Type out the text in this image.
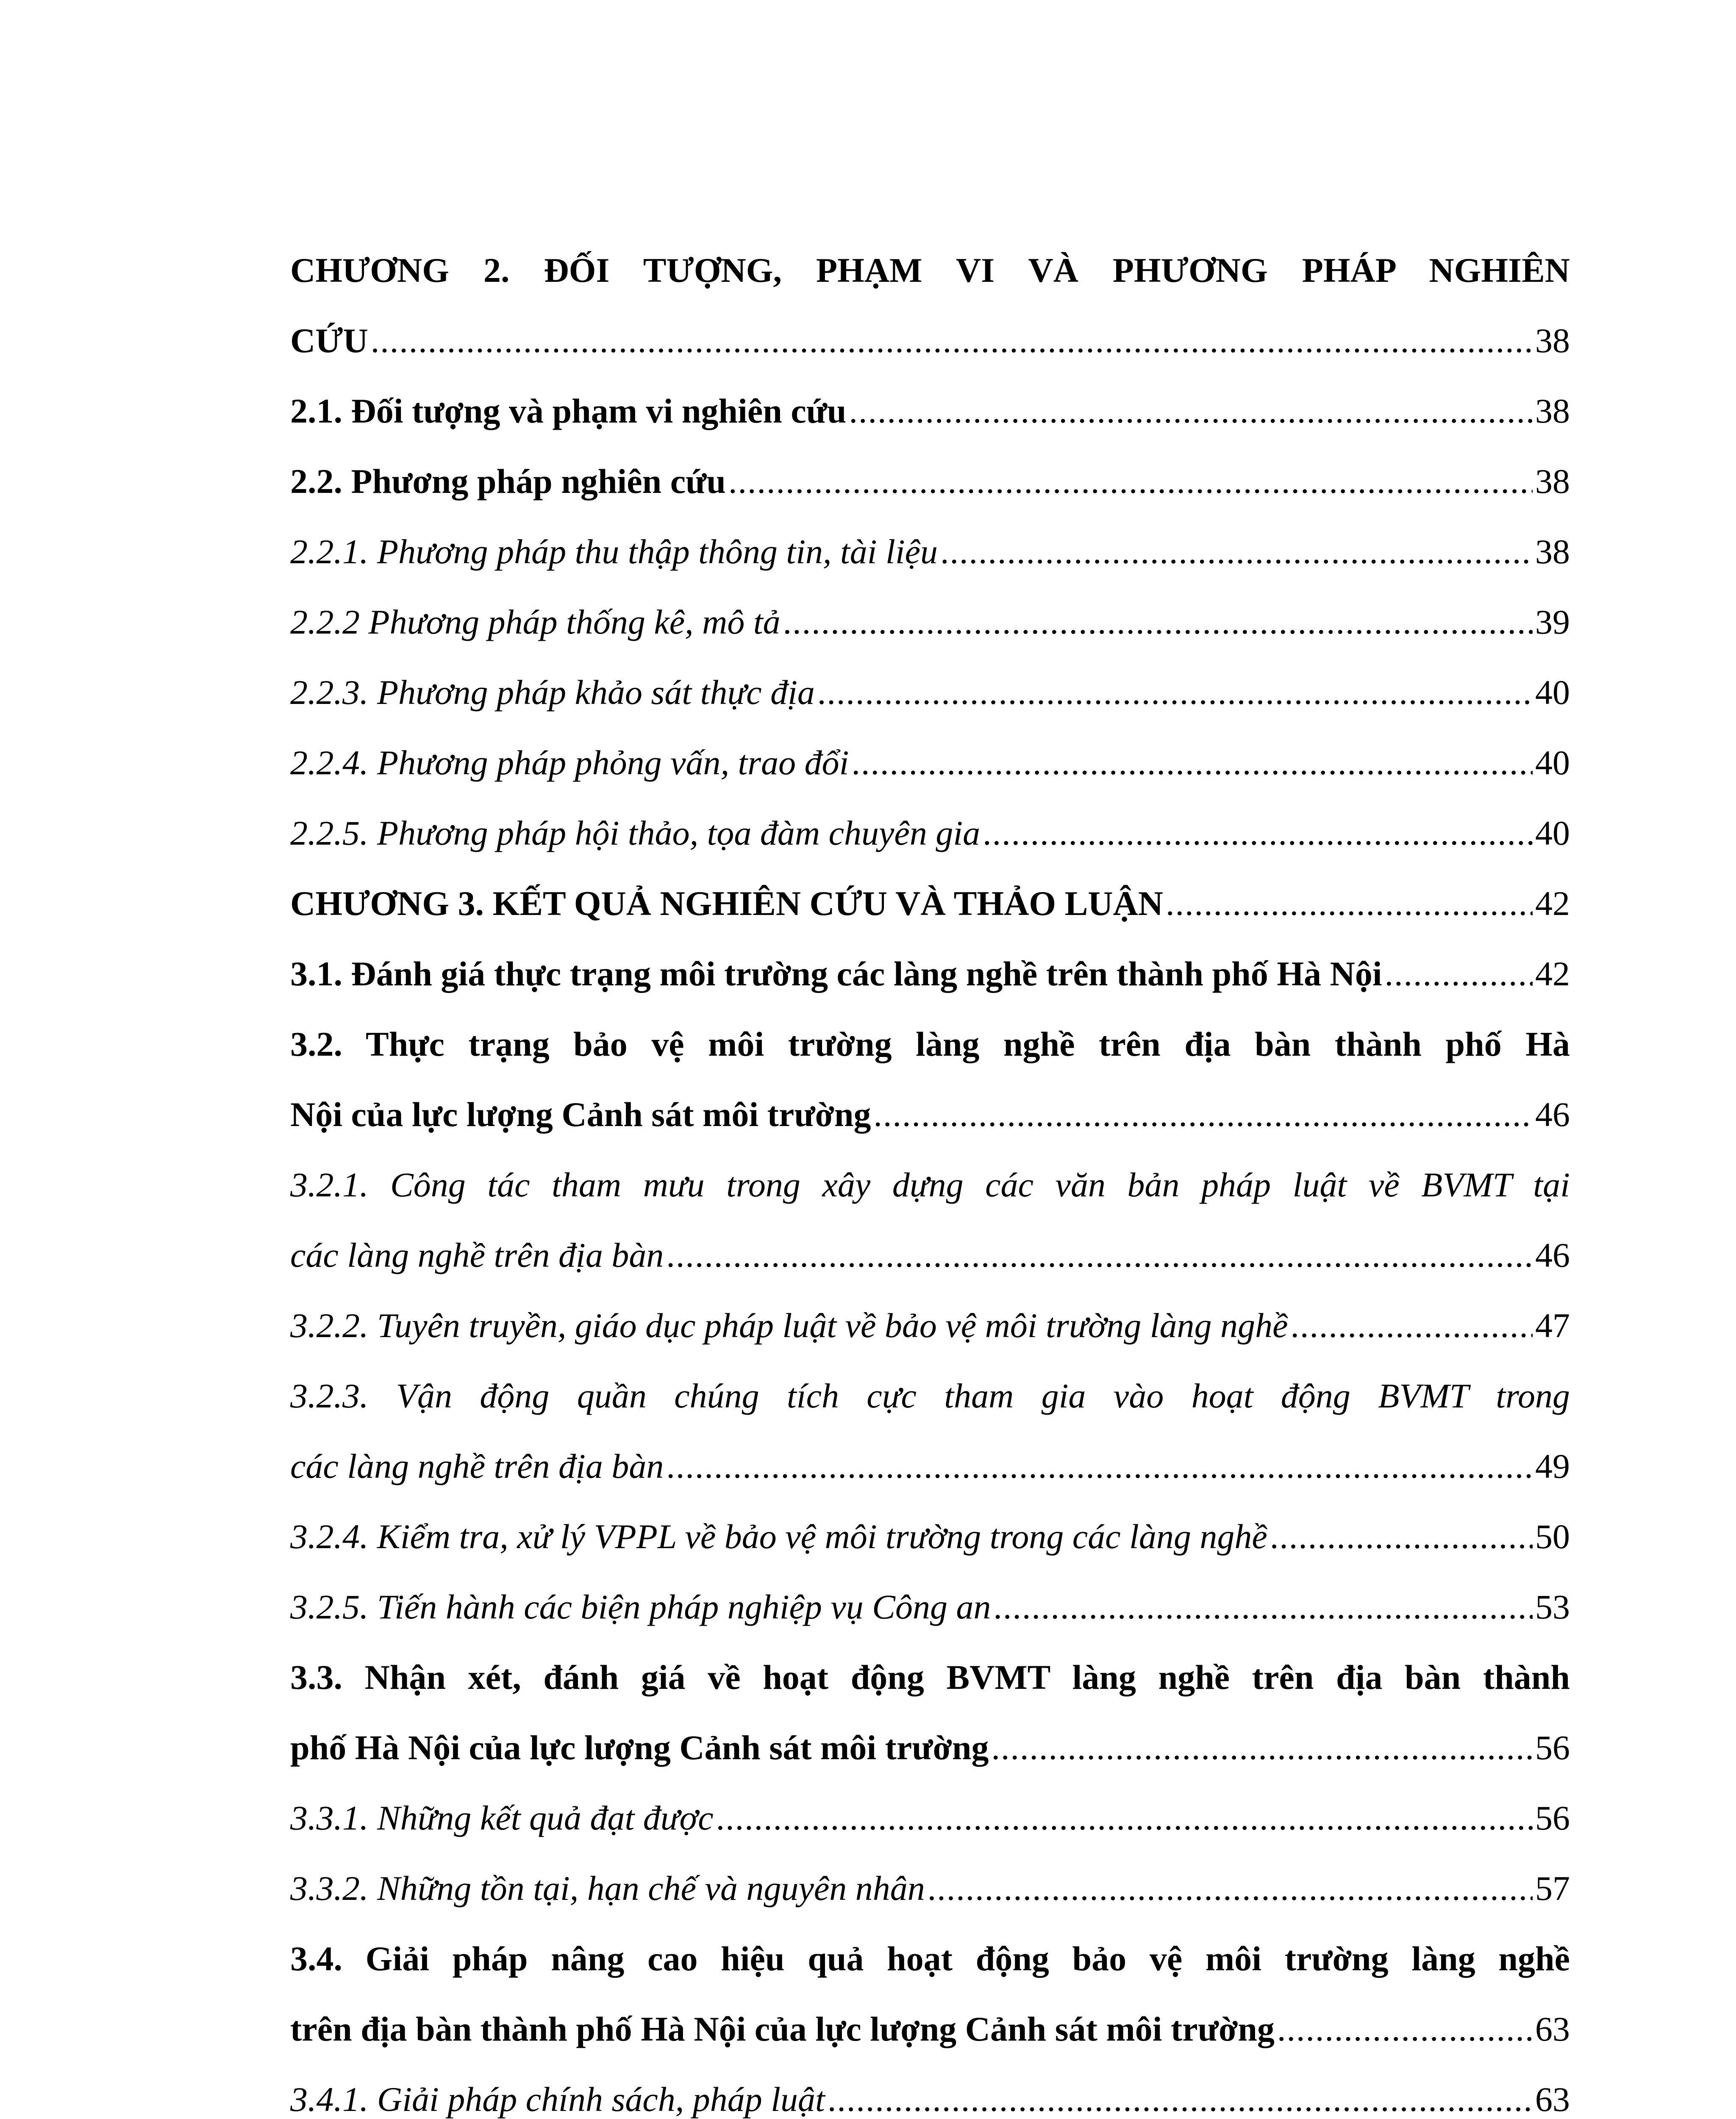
CHƯƠNG 2. ĐỐI TƯỢNG, PHẠM VI VÀ PHƯƠNG PHÁP NGHIÊN
CỨU .....	38
2.1. Đối tượng và phạm vi nghiên cứu .....	38
2.2. Phương pháp nghiên cứu .....	38
2.2.1. Phương pháp thu thập thông tin, tài liệu .....	38
2.2.2 Phương pháp thống kê, mô tả .....	39
2.2.3. Phương pháp khảo sát thực địa .....	40
2.2.4. Phương pháp phỏng vấn, trao đổi .....	40
2.2.5. Phương pháp hội thảo, tọa đàm chuyên gia .....	40
CHƯƠNG 3. KẾT QUẢ NGHIÊN CỨU VÀ THẢO LUẬN .....	42
3.1. Đánh giá thực trạng môi trường các làng nghề trên thành phố Hà Nội .....	42
3.2. Thực trạng bảo vệ môi trường làng nghề trên địa bàn thành phố Hà
Nội của lực lượng Cảnh sát môi trường .....	46
3.2.1. Công tác tham mưu trong xây dựng các văn bản pháp luật về BVMT tại
các làng nghề trên địa bàn .....	46
3.2.2. Tuyên truyền, giáo dục pháp luật về bảo vệ môi trường làng nghề .....	47
3.2.3. Vận động quần chúng tích cực tham gia vào hoạt động BVMT trong
các làng nghề trên địa bàn .....	49
3.2.4. Kiểm tra, xử lý VPPL về bảo vệ môi trường trong các làng nghề .....	50
3.2.5. Tiến hành các biện pháp nghiệp vụ Công an .....	53
3.3. Nhận xét, đánh giá về hoạt động BVMT làng nghề trên địa bàn thành
phố Hà Nội của lực lượng Cảnh sát môi trường .....	56
3.3.1. Những kết quả đạt được .....	56
3.3.2. Những tồn tại, hạn chế và nguyên nhân .....	57
3.4. Giải pháp nâng cao hiệu quả hoạt động bảo vệ môi trường làng nghề
trên địa bàn thành phố Hà Nội của lực lượng Cảnh sát môi trường .....	63
3.4.1. Giải pháp chính sách, pháp luật .....	63
